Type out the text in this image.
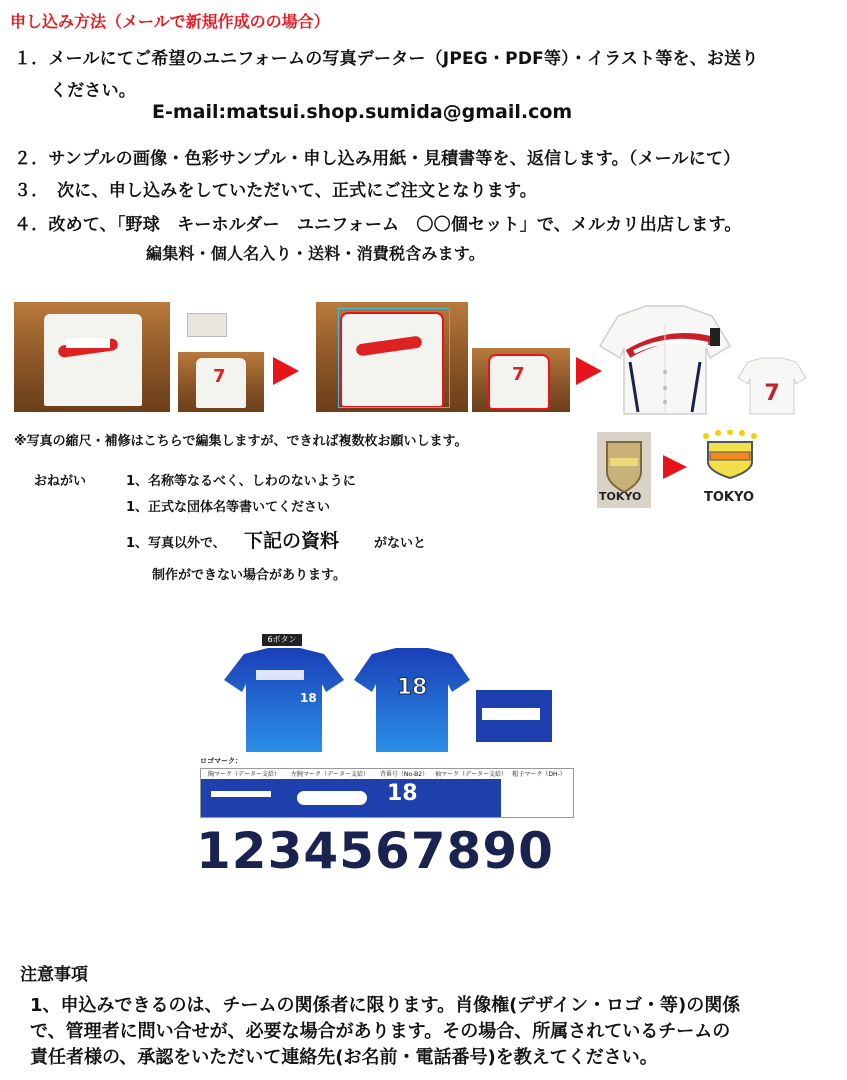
申し込み方法（メールで新規作成のの場合）
１．メールにてご希望のユニフォームの写真データー（JPEG・PDF等）・イラスト等を、お送り
ください。
E-mail:matsui.shop.sumida@gmail.com
２．サンプルの画像・色彩サンプル・申し込み用紙・見積書等を、返信します。（メールにて）
３．　次に、申し込みをしていただいて、正式にご注文となります。
４．改めて、「野球　キーホルダー　ユニフォーム　〇〇個セット」で、メルカリ出店します。
編集料・個人名入り・送料・消費税含みます。

7	7
7
※写真の縮尺・補修はこちらで編集しますが、できれば複数枚お願いします。
おねがい	1、名称等なるべく、しわのないように
1、正式な団体名等書いてください
1、写真以外で、 下記の資料	がないと
制作ができない場合があります。
TOKYO	TOKYO
6ボタン
18	18
ロゴマーク：
胸マーク（データー支給）	左腕マーク（データー支給）	背番号（No-B2）	袖マーク（データー支給） 帽子マーク（DH-）
18
1234567890
注意事項
1、申込みできるのは、チームの関係者に限ります。肖像権(デザイン・ロゴ・等)の関係
で、管理者に問い合せが、必要な場合があります。その場合、所属されているチームの
責任者様の、承認をいただいて連絡先(お名前・電話番号)を教えてください。
